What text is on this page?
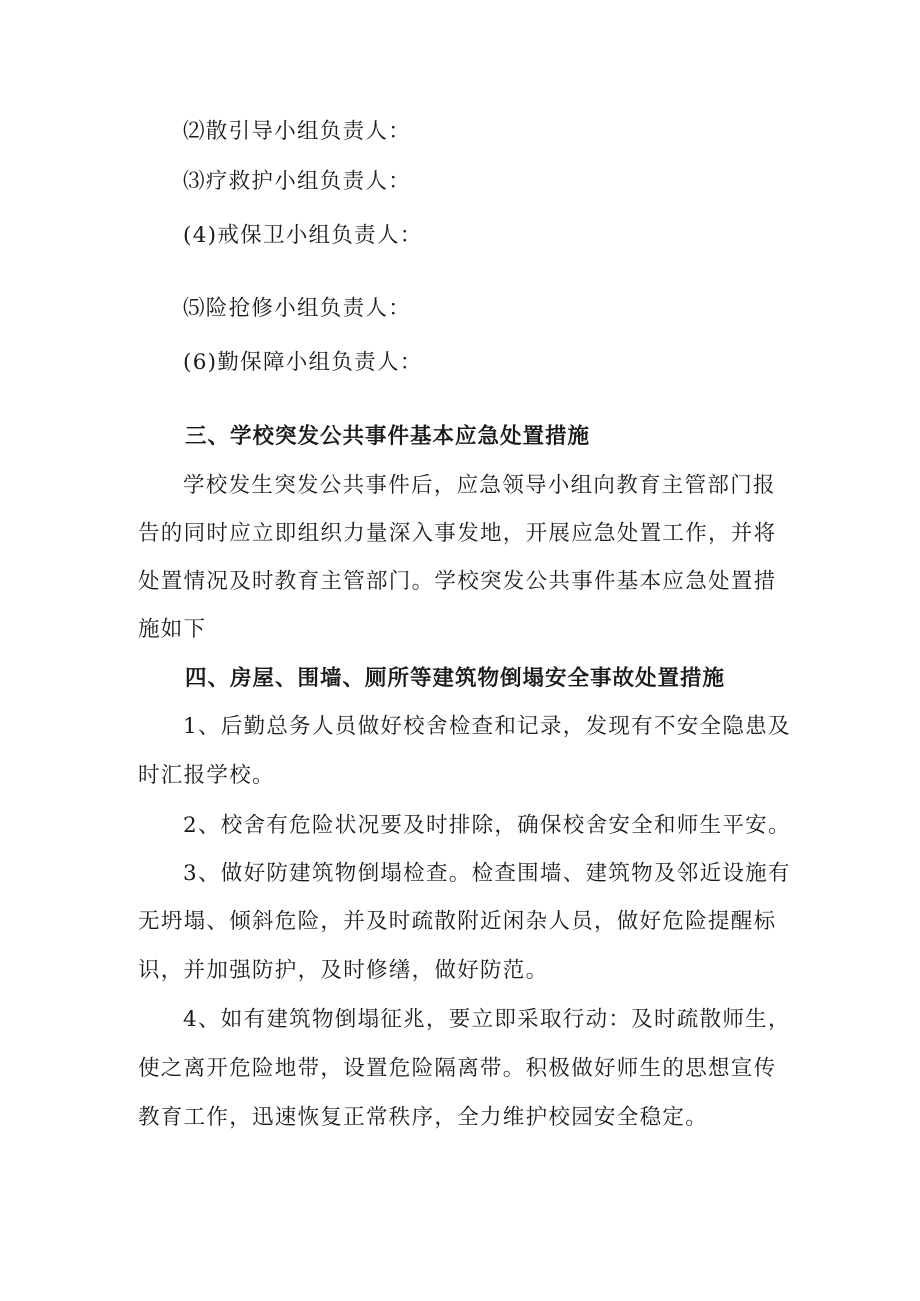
⑵散引导小组负责人：
⑶疗救护小组负责人：
(4)戒保卫小组负责人：
⑸险抢修小组负责人：
(6)勤保障小组负责人：
三、学校突发公共事件基本应急处置措施
学校发生突发公共事件后，应急领导小组向教育主管部门报
告的同时应立即组织力量深入事发地，开展应急处置工作，并将
处置情况及时教育主管部门。学校突发公共事件基本应急处置措
施如下
四、房屋、围墙、厕所等建筑物倒塌安全事故处置措施
1、后勤总务人员做好校舍检查和记录，发现有不安全隐患及
时汇报学校。
2、校舍有危险状况要及时排除，确保校舍安全和师生平安。
3、做好防建筑物倒塌检查。检查围墙、建筑物及邻近设施有
无坍塌、倾斜危险，并及时疏散附近闲杂人员，做好危险提醒标
识，并加强防护，及时修缮，做好防范。
4、如有建筑物倒塌征兆，要立即采取行动：及时疏散师生，
使之离开危险地带，设置危险隔离带。积极做好师生的思想宣传
教育工作，迅速恢复正常秩序，全力维护校园安全稳定。
